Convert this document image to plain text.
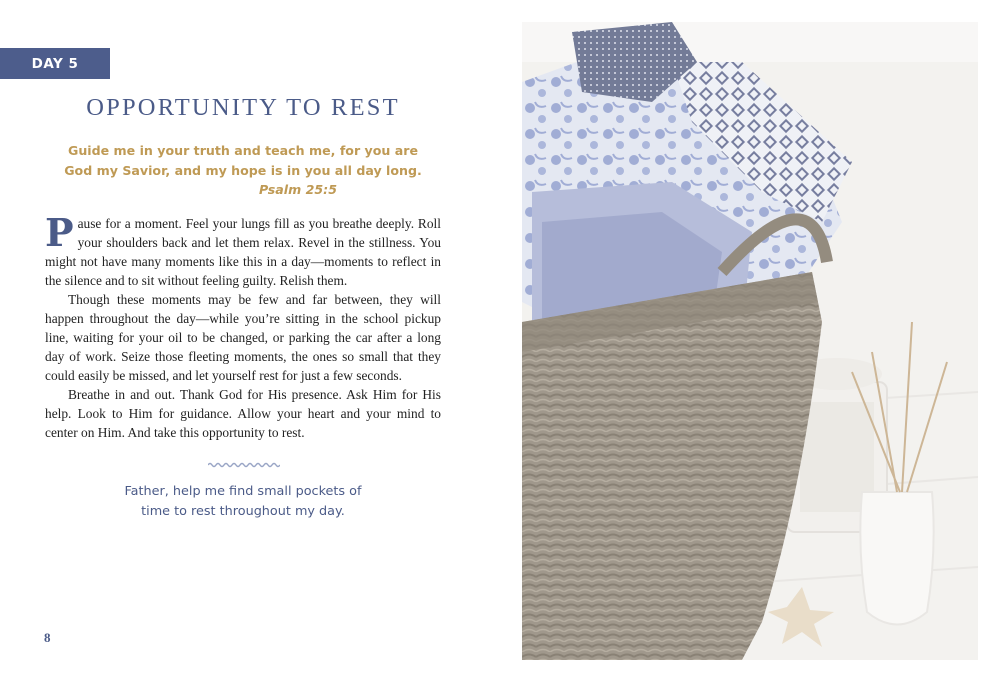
DAY 5
OPPORTUNITY TO REST
Guide me in your truth and teach me, for you are
God my Savior, and my hope is in you all day long.
Psalm 25:5

Pause for a moment. Feel your lungs fill as you breathe deeply. Roll your shoulders back and let them relax. Revel in the stillness. You might not have many moments like this in a day—moments to reflect in the silence and to sit without feeling guilty. Relish them.

Though these moments may be few and far between, they will happen throughout the day—while you’re sitting in the school pickup line, waiting for your oil to be changed, or parking the car after a long day of work. Seize those fleeting moments, the ones so small that they could easily be missed, and let yourself rest for just a few seconds.

Breathe in and out. Thank God for His presence. Ask Him for His help. Look to Him for guidance. Allow your heart and your mind to center on Him. And take this opportunity to rest.

Father, help me find small pockets of
time to rest throughout my day.
8
